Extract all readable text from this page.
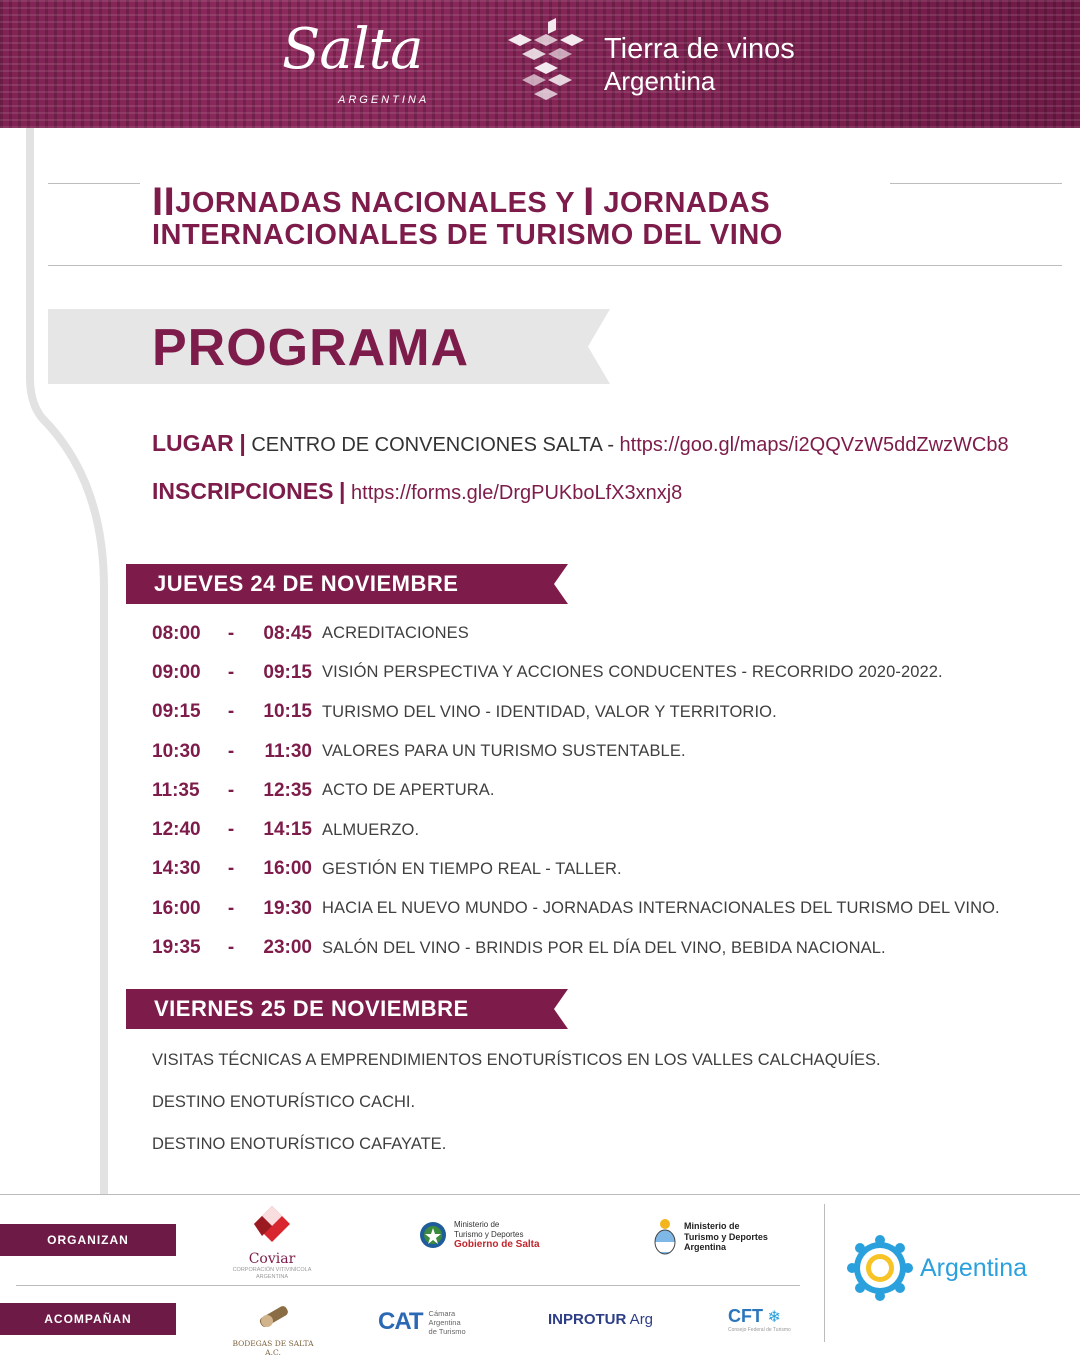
Salta
ARGENTINA
Tierra de vinos
Argentina
IIJORNADAS NACIONALES Y I JORNADAS
INTERNACIONALES DE TURISMO DEL VINO
PROGRAMA
LUGAR | CENTRO DE CONVENCIONES SALTA - https://goo.gl/maps/i2QQVzW5ddZwzWCb8
INSCRIPCIONES | https://forms.gle/DrgPUKboLfX3xnxj8
JUEVES 24 DE NOVIEMBRE
08:00	-	08:45 ACREDITACIONES
09:00	-	09:15 VISIÓN PERSPECTIVA Y ACCIONES CONDUCENTES - RECORRIDO 2020-2022.
09:15	-	10:15 TURISMO DEL VINO - IDENTIDAD, VALOR Y TERRITORIO.
10:30	-	11:30 VALORES PARA UN TURISMO SUSTENTABLE.
11:35	-	12:35 ACTO DE APERTURA.
12:40	-	14:15 ALMUERZO.
14:30	-	16:00 GESTIÓN EN TIEMPO REAL - TALLER.
16:00	-	19:30 HACIA EL NUEVO MUNDO - JORNADAS INTERNACIONALES DEL TURISMO DEL VINO.
19:35	-	23:00 SALÓN DEL VINO - BRINDIS POR EL DÍA DEL VINO, BEBIDA NACIONAL.
VIERNES 25 DE NOVIEMBRE
VISITAS TÉCNICAS A EMPRENDIMIENTOS ENOTURÍSTICOS EN LOS VALLES CALCHAQUÍES.
DESTINO ENOTURÍSTICO CACHI.
DESTINO ENOTURÍSTICO CAFAYATE.
ORGANIZAN
ACOMPAÑAN
Coviar
CORPORACIÓN VITIVINÍCOLA
ARGENTINA
Ministerio de
Turismo y Deportes
Gobierno de Salta
Ministerio de
Turismo y Deportes
Argentina
Argentina
BODEGAS DE SALTA A.C.
CAT Cámara
Argentina
de Turismo
INPROTUR Arg	CFT ❄
Consejo Federal de Turismo
